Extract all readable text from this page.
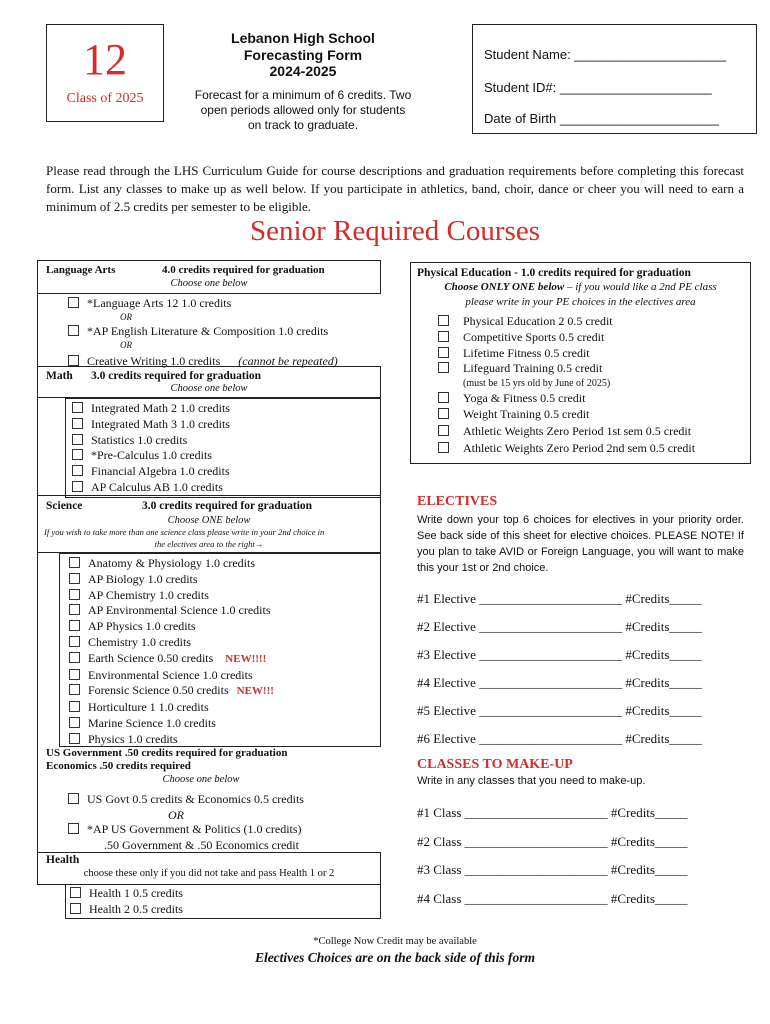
12
Class of 2025
Lebanon High School
Forecasting Form
2024-2025
Forecast for a minimum of 6 credits. Two open periods allowed only for students on track to graduate.
Student Name: _____________________
Student ID#: _____________________
Date of Birth ______________________
Please read through the LHS Curriculum Guide for course descriptions and graduation requirements before completing this forecast form. List any classes to make up as well below. If you participate in athletics, band, choir, dance or cheer you will need to earn a minimum of 2.5 credits per semester to be eligible.
Senior Required Courses
Language Arts	4.0 credits required for graduation
Choose one below
*Language Arts 12 1.0 credits
OR
*AP English Literature & Composition 1.0 credits
OR
Creative Writing 1.0 credits (cannot be repeated)
Math 3.0 credits required for graduation
Choose one below
Integrated Math 2 1.0 credits
Integrated Math 3 1.0 credits
Statistics 1.0 credits
*Pre-Calculus 1.0 credits
Financial Algebra 1.0 credits
AP Calculus AB 1.0 credits
Science	3.0 credits required for graduation
Choose ONE below
If you wish to take more than one science class please write in your 2nd choice in
the electives area to the right→
Anatomy & Physiology 1.0 credits
AP Biology 1.0 credits
AP Chemistry 1.0 credits
AP Environmental Science 1.0 credits
AP Physics 1.0 credits
Chemistry 1.0 credits
Earth Science 0.50 credits NEW!!!!
Environmental Science 1.0 credits
Forensic Science 0.50 credits NEW!!!
Horticulture 1 1.0 credits
Marine Science 1.0 credits
Physics 1.0 credits
US Government .50 credits required for graduation
Economics .50 credits required
Choose one below
US Govt 0.5 credits & Economics 0.5 credits
OR
*AP US Government & Politics (1.0 credits)
.50 Government & .50 Economics credit
Health
choose these only if you did not take and pass Health 1 or 2
Health 1 0.5 credits
Health 2 0.5 credits
Physical Education - 1.0 credits required for graduation
Choose ONLY ONE below – if you would like a 2nd PE class
please write in your PE choices in the electives area
Physical Education 2 0.5 credit
Competitive Sports 0.5 credit
Lifetime Fitness 0.5 credit
Lifeguard Training 0.5 credit
(must be 15 yrs old by June of 2025)
Yoga & Fitness 0.5 credit
Weight Training 0.5 credit
Athletic Weights Zero Period 1st sem 0.5 credit
Athletic Weights Zero Period 2nd sem 0.5 credit
ELECTIVES
Write down your top 6 choices for electives in your priority order. See back side of this sheet for elective choices. PLEASE NOTE! If you plan to take AVID or Foreign Language, you will want to make this your 1st or 2nd choice.
#1 Elective ______________________ #Credits_____
#2 Elective ______________________ #Credits_____
#3 Elective ______________________ #Credits_____
#4 Elective ______________________ #Credits_____
#5 Elective ______________________ #Credits_____
#6 Elective ______________________ #Credits_____
CLASSES TO MAKE-UP
Write in any classes that you need to make-up.
#1 Class ______________________ #Credits_____
#2 Class ______________________ #Credits_____
#3 Class ______________________ #Credits_____
#4 Class ______________________ #Credits_____
*College Now Credit may be available
Electives Choices are on the back side of this form
